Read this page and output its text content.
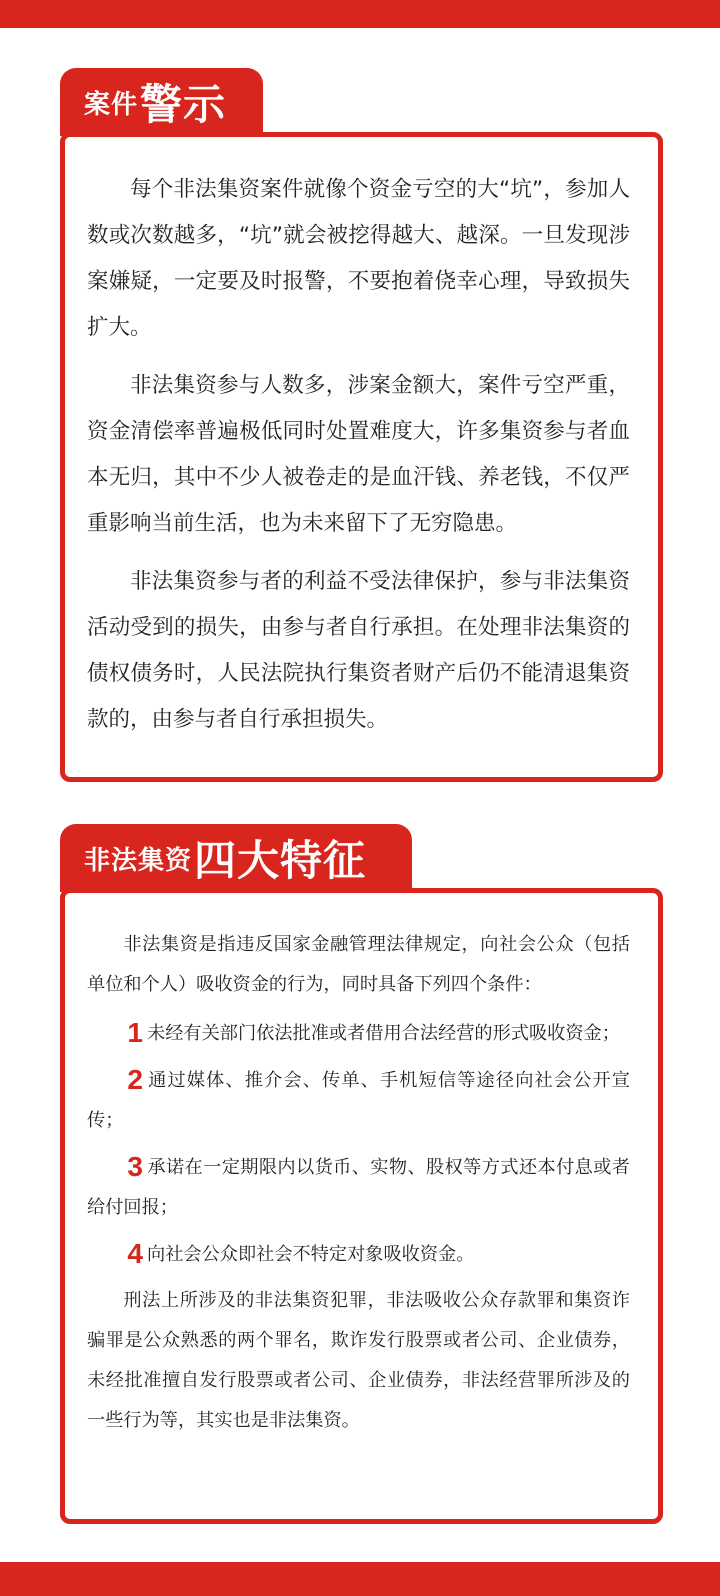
案件 警示

每个非法集资案件就像个资金亏空的大“坑”，参加人数或次数越多，“坑”就会被挖得越大、越深。一旦发现涉案嫌疑，一定要及时报警，不要抱着侥幸心理，导致损失扩大。

非法集资参与人数多，涉案金额大，案件亏空严重，资金清偿率普遍极低同时处置难度大，许多集资参与者血本无归，其中不少人被卷走的是血汗钱、养老钱，不仅严重影响当前生活，也为未来留下了无穷隐患。

非法集资参与者的利益不受法律保护，参与非法集资活动受到的损失，由参与者自行承担。在处理非法集资的债权债务时，人民法院执行集资者财产后仍不能清退集资款的，由参与者自行承担损失。

非法集资 四大特征

非法集资是指违反国家金融管理法律规定，向社会公众（包括单位和个人）吸收资金的行为，同时具备下列四个条件：

1 未经有关部门依法批准或者借用合法经营的形式吸收资金；

2 通过媒体、推介会、传单、手机短信等途径向社会公开宣传；

3 承诺在一定期限内以货币、实物、股权等方式还本付息或者给付回报；

4 向社会公众即社会不特定对象吸收资金。

刑法上所涉及的非法集资犯罪，非法吸收公众存款罪和集资诈骗罪是公众熟悉的两个罪名，欺诈发行股票或者公司、企业债券，未经批准擅自发行股票或者公司、企业债券，非法经营罪所涉及的一些行为等，其实也是非法集资。
